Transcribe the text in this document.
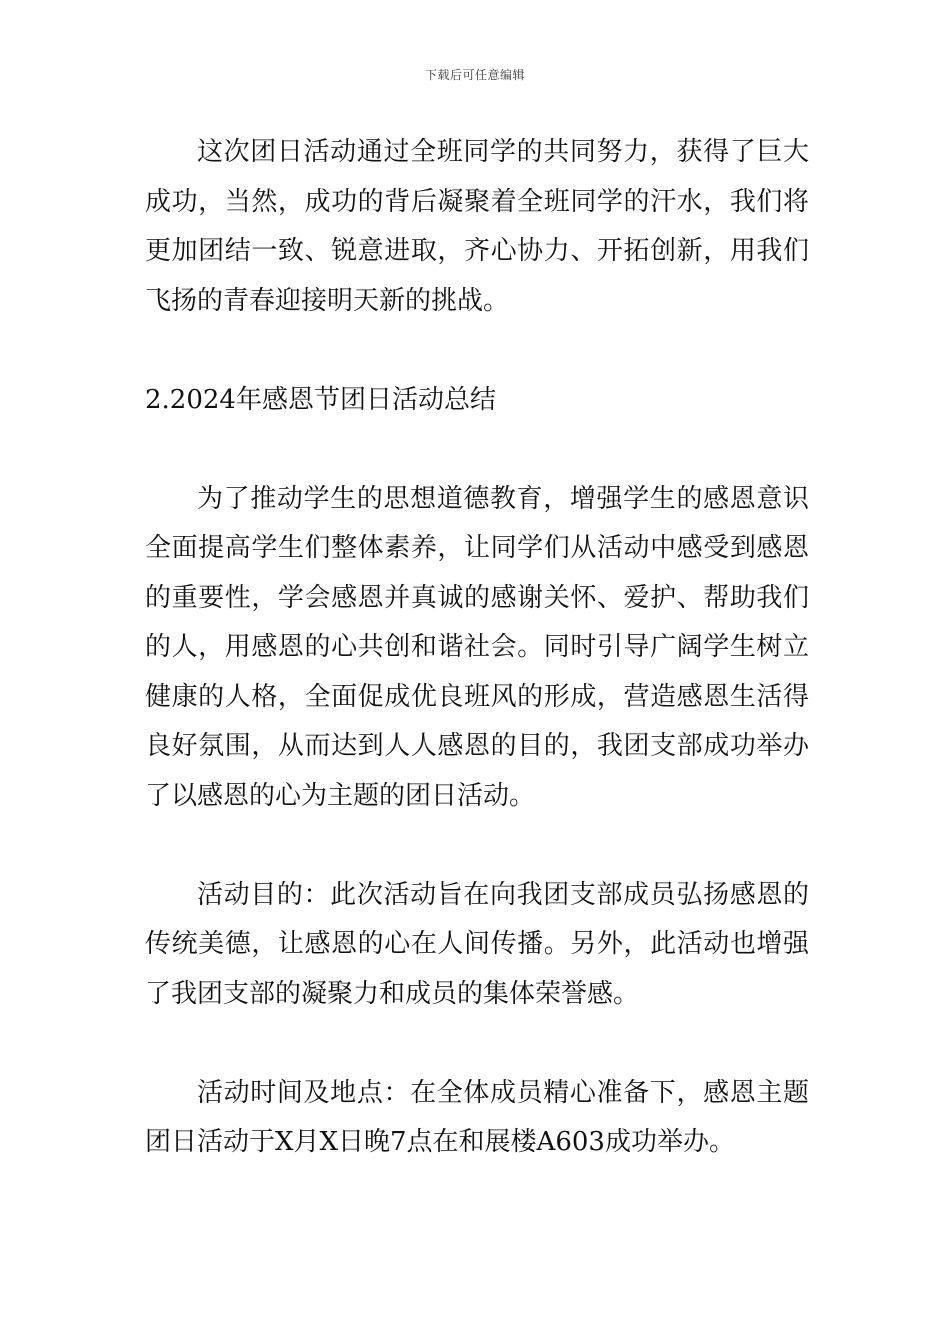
下载后可任意编辑

这次团日活动通过全班同学的共同努力，获得了巨大成功，当然，成功的背后凝聚着全班同学的汗水，我们将更加团结一致、锐意进取，齐心协力、开拓创新，用我们飞扬的青春迎接明天新的挑战。

2.2024年感恩节团日活动总结

为了推动学生的思想道德教育，增强学生的感恩意识全面提高学生们整体素养，让同学们从活动中感受到感恩的重要性，学会感恩并真诚的感谢关怀、爱护、帮助我们的人，用感恩的心共创和谐社会。同时引导广阔学生树立健康的人格，全面促成优良班风的形成，营造感恩生活得良好氛围，从而达到人人感恩的目的，我团支部成功举办了以感恩的心为主题的团日活动。

活动目的：此次活动旨在向我团支部成员弘扬感恩的传统美德，让感恩的心在人间传播。另外，此活动也增强了我团支部的凝聚力和成员的集体荣誉感。

活动时间及地点：在全体成员精心准备下，感恩主题团日活动于X月X日晚7点在和展楼A603成功举办。
